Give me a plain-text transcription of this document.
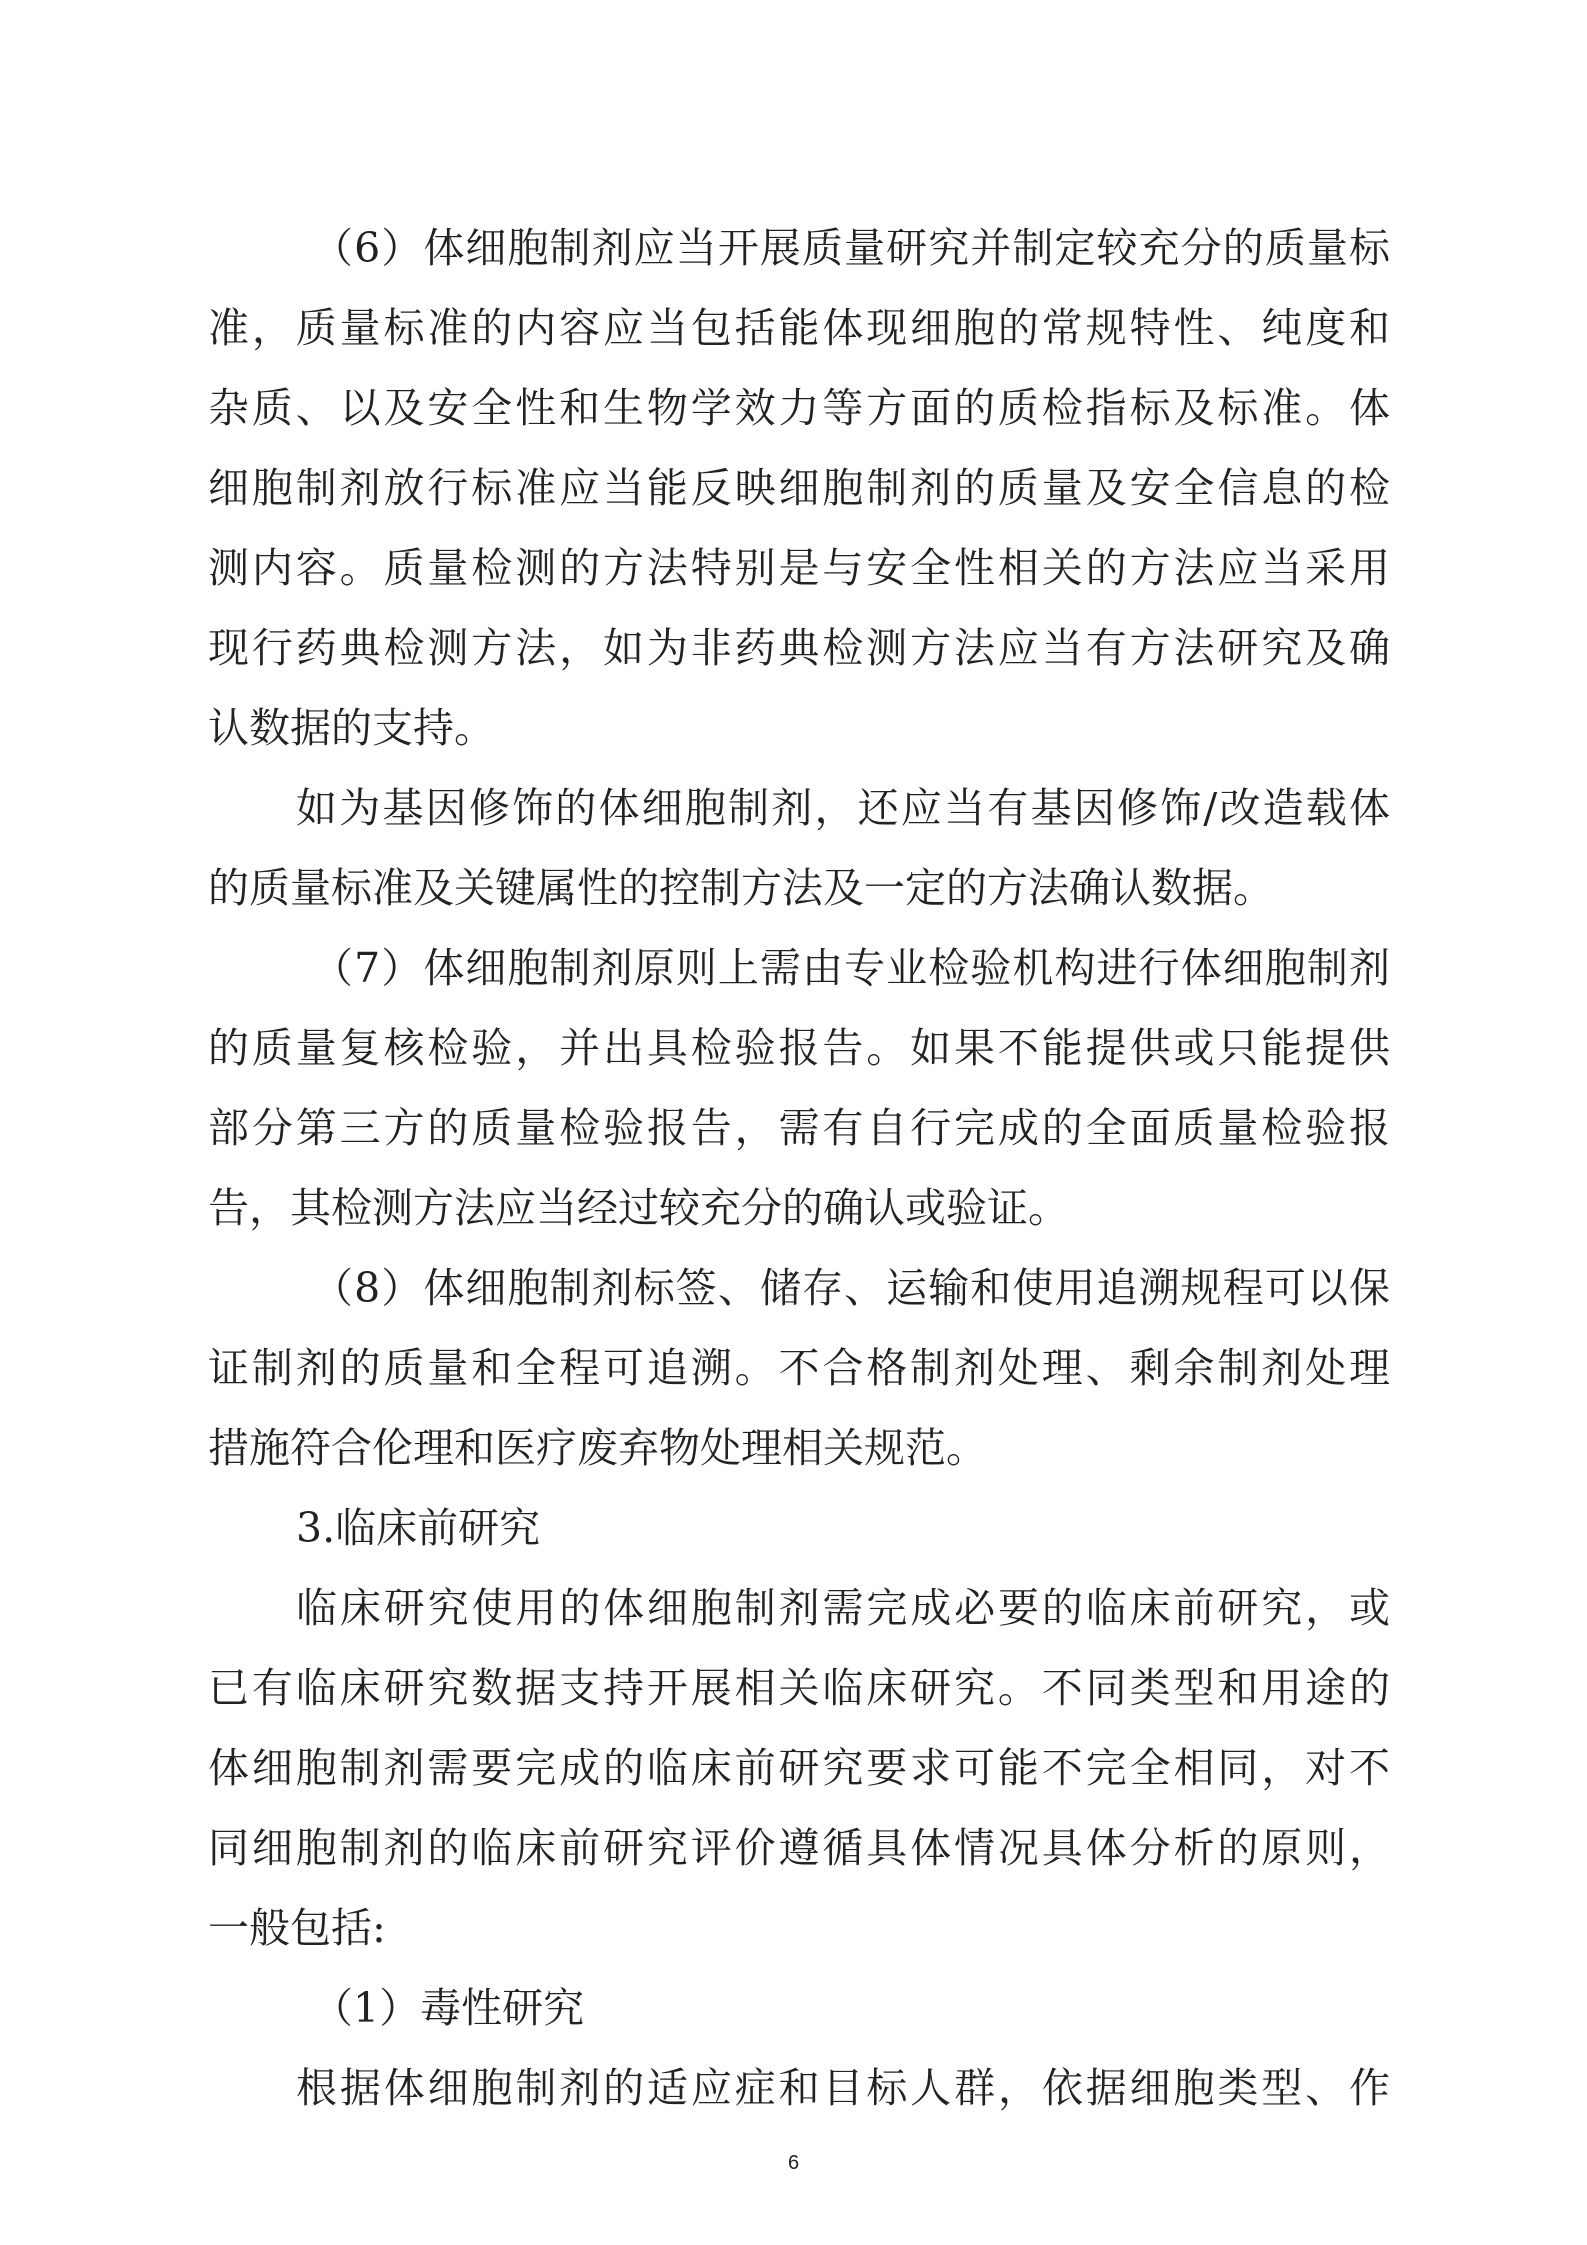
（6）体细胞制剂应当开展质量研究并制定较充分的质量标
准，质量标准的内容应当包括能体现细胞的常规特性、纯度和
杂质、以及安全性和生物学效力等方面的质检指标及标准。体
细胞制剂放行标准应当能反映细胞制剂的质量及安全信息的检
测内容。质量检测的方法特别是与安全性相关的方法应当采用
现行药典检测方法，如为非药典检测方法应当有方法研究及确
认数据的支持。
如为基因修饰的体细胞制剂，还应当有基因修饰/改造载体
的质量标准及关键属性的控制方法及一定的方法确认数据。
（7）体细胞制剂原则上需由专业检验机构进行体细胞制剂
的质量复核检验，并出具检验报告。如果不能提供或只能提供
部分第三方的质量检验报告，需有自行完成的全面质量检验报
告，其检测方法应当经过较充分的确认或验证。
（8）体细胞制剂标签、储存、运输和使用追溯规程可以保
证制剂的质量和全程可追溯。不合格制剂处理、剩余制剂处理
措施符合伦理和医疗废弃物处理相关规范。
3.临床前研究
临床研究使用的体细胞制剂需完成必要的临床前研究，或
已有临床研究数据支持开展相关临床研究。不同类型和用途的
体细胞制剂需要完成的临床前研究要求可能不完全相同，对不
同细胞制剂的临床前研究评价遵循具体情况具体分析的原则，
一般包括:
（1）毒性研究
根据体细胞制剂的适应症和目标人群，依据细胞类型、作
6
